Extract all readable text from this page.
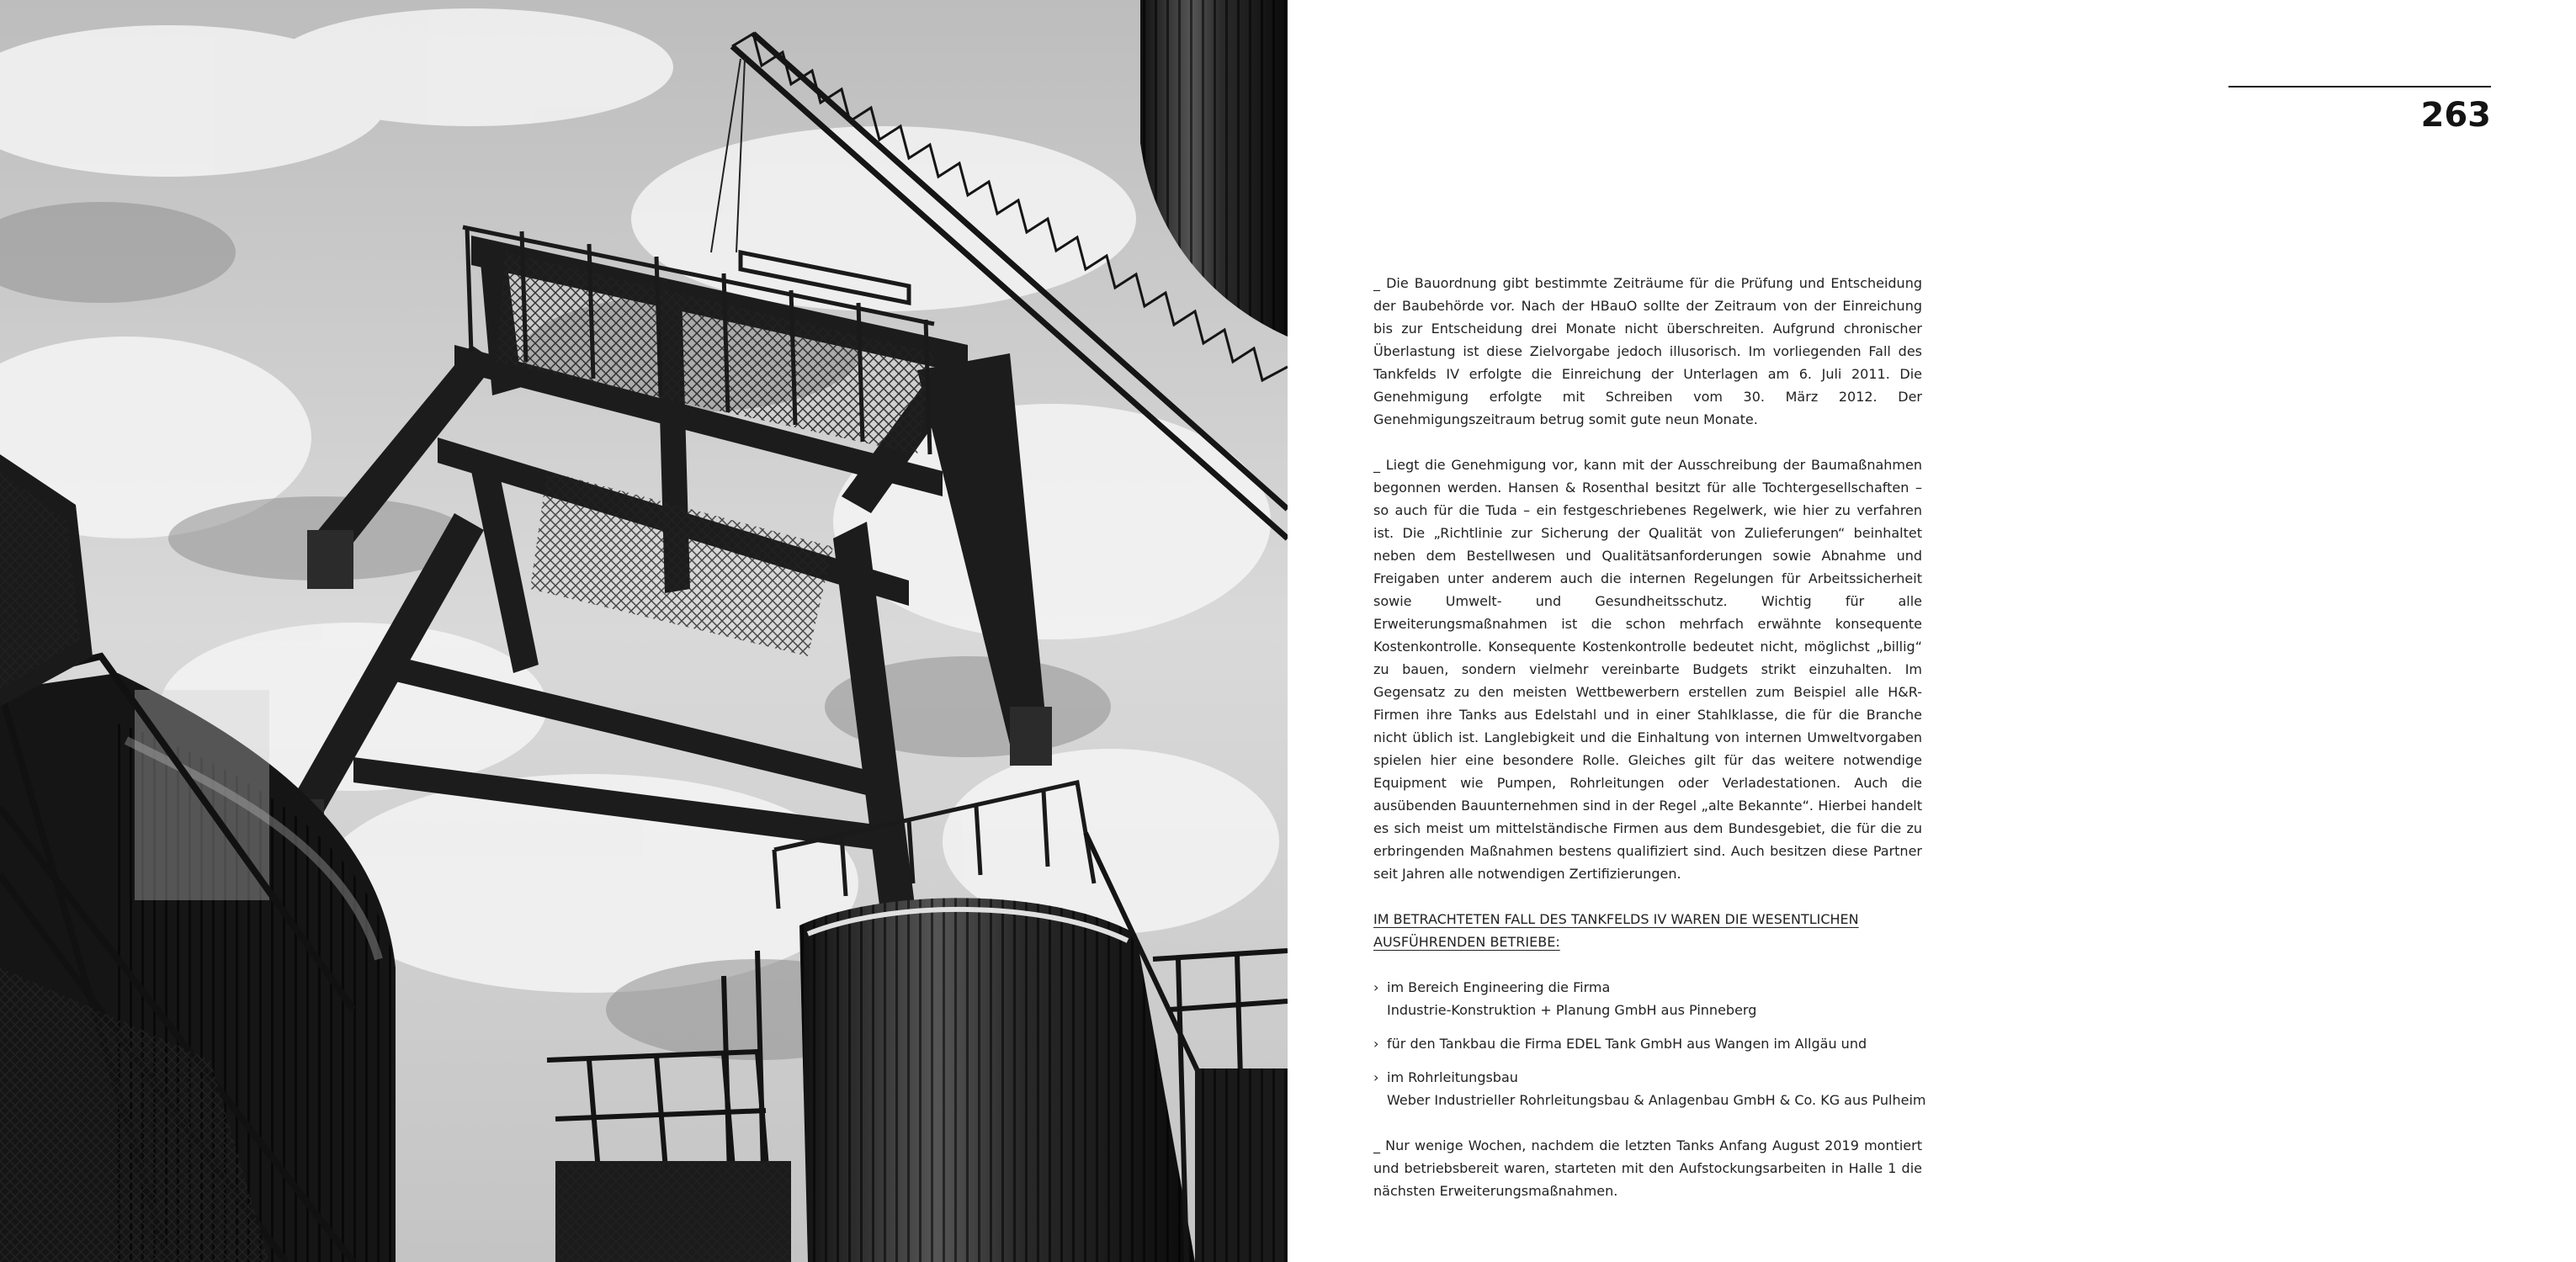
263

_ Die Bauordnung gibt bestimmte Zeiträume für die Prüfung und Entscheidung der Baubehörde vor. Nach der HBauO sollte der Zeitraum von der Einreichung bis zur Entscheidung drei Monate nicht überschreiten. Aufgrund chronischer Überlastung ist diese Zielvorgabe jedoch illusorisch. Im vorliegenden Fall des Tankfelds IV erfolgte die Einreichung der Unterlagen am 6. Juli 2011. Die Genehmigung erfolgte mit Schreiben vom 30. März 2012. Der Genehmigungszeitraum betrug somit gute neun Monate.

_ Liegt die Genehmigung vor, kann mit der Ausschreibung der Baumaßnahmen begonnen werden. Hansen & Rosenthal besitzt für alle Tochtergesellschaften – so auch für die Tuda – ein festgeschriebenes Regelwerk, wie hier zu verfahren ist. Die „Richtlinie zur Sicherung der Qualität von Zulieferungen“ beinhaltet neben dem Bestellwesen und Qualitätsanforderungen sowie Abnahme und Freigaben unter anderem auch die internen Regelungen für Arbeitssicherheit sowie Umwelt- und Gesundheitsschutz. Wichtig für alle Erweiterungsmaßnahmen ist die schon mehrfach erwähnte konsequente Kostenkontrolle. Konsequente Kostenkontrolle bedeutet nicht, möglichst „billig“ zu bauen, sondern vielmehr vereinbarte Budgets strikt einzuhalten. Im Gegensatz zu den meisten Wettbewerbern erstellen zum Beispiel alle H&R-Firmen ihre Tanks aus Edelstahl und in einer Stahlklasse, die für die Branche nicht üblich ist. Langlebigkeit und die Einhaltung von internen Umweltvorgaben spielen hier eine besondere Rolle. Gleiches gilt für das weitere notwendige Equipment wie Pumpen, Rohrleitungen oder Verladestationen. Auch die ausübenden Bauunternehmen sind in der Regel „alte Bekannte“. Hierbei handelt es sich meist um mittelständische Firmen aus dem Bundesgebiet, die für die zu erbringenden Maßnahmen bestens qualifiziert sind. Auch besitzen diese Partner seit Jahren alle notwendigen Zertifizierungen.

IM BETRACHTETEN FALL DES TANKFELDS IV WAREN DIE WESENTLICHEN
AUSFÜHRENDEN BETRIEBE:
› im Bereich Engineering die Firma
Industrie-Konstruktion + Planung GmbH aus Pinneberg
› für den Tankbau die Firma EDEL Tank GmbH aus Wangen im Allgäu und
› im Rohrleitungsbau
Weber Industrieller Rohrleitungsbau & Anlagenbau GmbH & Co. KG aus Pulheim

_ Nur wenige Wochen, nachdem die letzten Tanks Anfang August 2019 montiert und betriebsbereit waren, starteten mit den Aufstockungsarbeiten in Halle 1 die nächsten Erweiterungsmaßnahmen.
